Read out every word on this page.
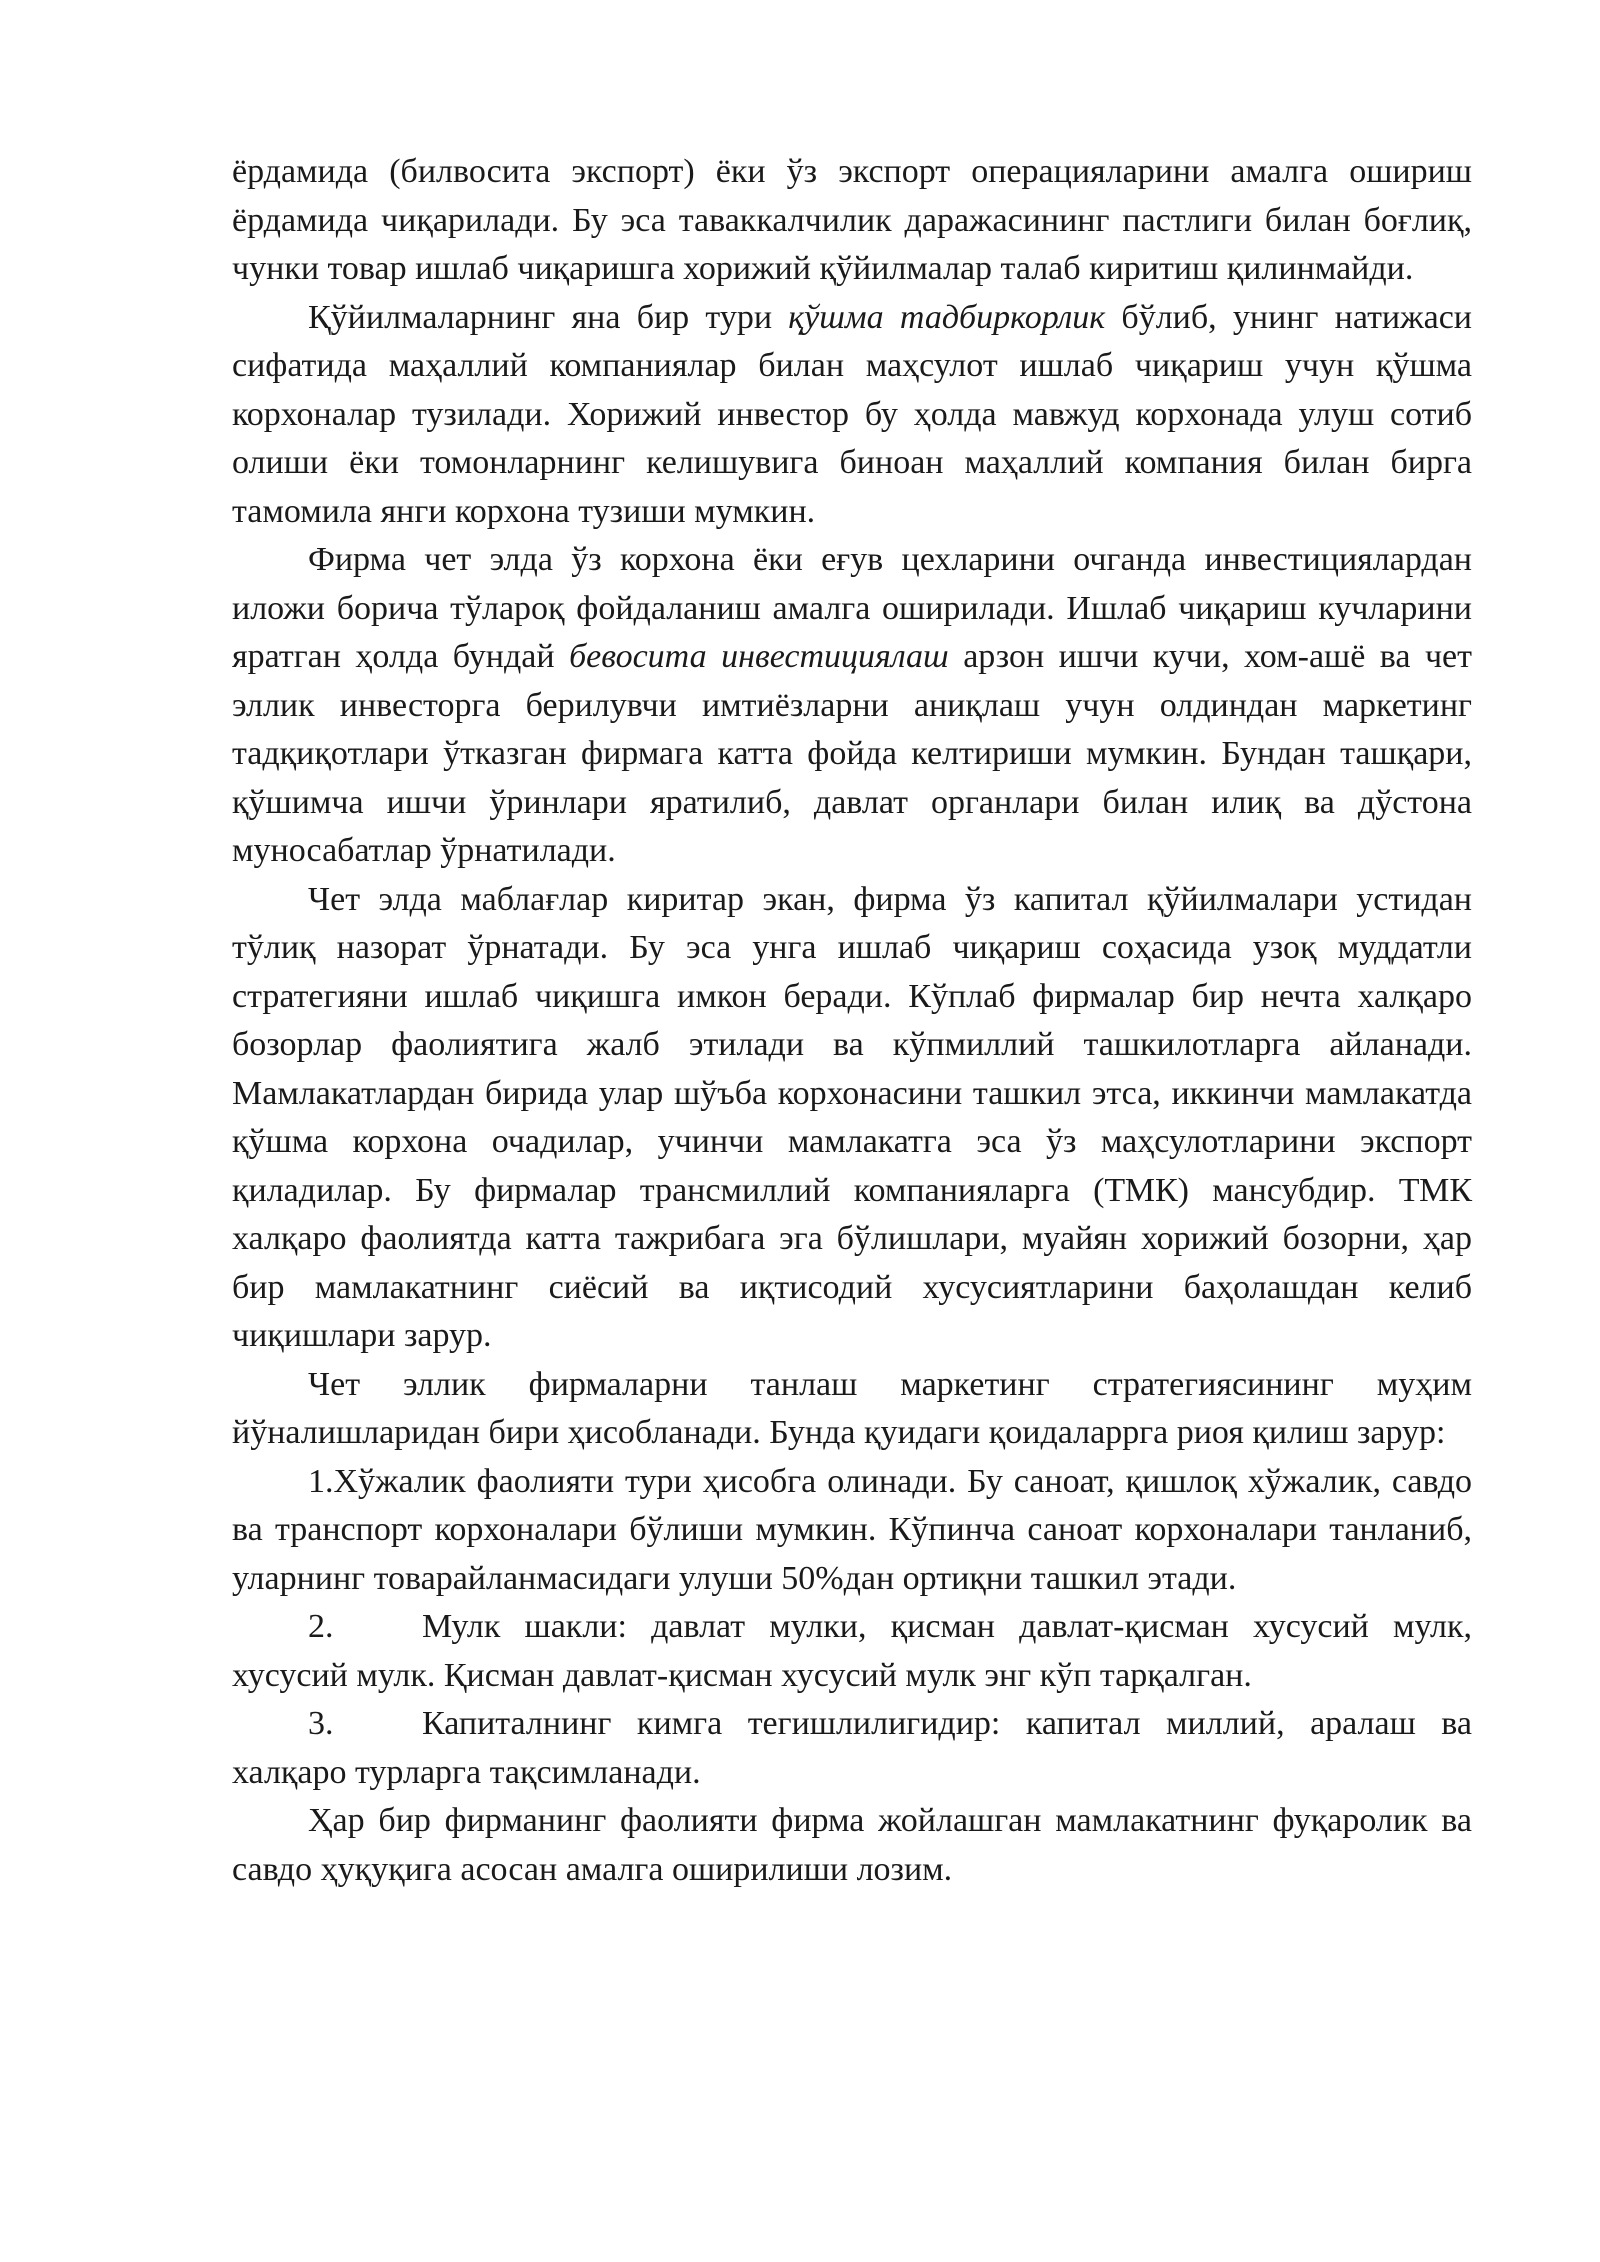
ёрдамида (билвосита экспорт) ёки ўз экспорт операцияларини амалга ошириш ёрдамида чиқарилади. Бу эса таваккалчилик даражасининг пастлиги билан боғлиқ, чунки товар ишлаб чиқаришга хорижий қўйилмалар талаб киритиш қилинмайди.

Қўйилмаларнинг яна бир тури қўшма тадбиркорлик бўлиб, унинг натижаси сифатида маҳаллий компаниялар билан маҳсулот ишлаб чиқариш учун қўшма корхоналар тузилади. Хорижий инвестор бу ҳолда мавжуд корхонада улуш сотиб олиши ёки томонларнинг келишувига биноан маҳаллий компания билан бирга тамомила янги корхона тузиши мумкин.

Фирма чет элда ўз корхона ёки еғув цехларини очганда инвестициялардан иложи борича тўлароқ фойдаланиш амалга оширилади. Ишлаб чиқариш кучларини яратган ҳолда бундай бевосита инвестициялаш арзон ишчи кучи, хом-ашё ва чет эллик инвесторга берилувчи имтиёзларни аниқлаш учун олдиндан маркетинг тадқиқотлари ўтказган фирмага катта фойда келтириши мумкин. Бундан ташқари, қўшимча ишчи ўринлари яратилиб, давлат органлари билан илиқ ва дўстона муносабатлар ўрнатилади.

Чет элда маблағлар киритар экан, фирма ўз капитал қўйилмалари устидан тўлиқ назорат ўрнатади. Бу эса унга ишлаб чиқариш соҳасида узоқ муддатли стратегияни ишлаб чиқишга имкон беради. Кўплаб фирмалар бир нечта халқаро бозорлар фаолиятига жалб этилади ва кўпмиллий ташкилотларга айланади. Мамлакатлардан бирида улар шўъба корхонасини ташкил этса, иккинчи мамлакатда қўшма корхона очадилар, учинчи мамлакатга эса ўз маҳсулотларини экспорт қиладилар. Бу фирмалар трансмиллий компанияларга (ТМК) мансубдир. ТМК халқаро фаолиятда катта тажрибага эга бўлишлари, муайян хорижий бозорни, ҳар бир мамлакатнинг сиёсий ва иқтисодий хусусиятларини баҳолашдан келиб чиқишлари зарур.

Чет эллик фирмаларни танлаш маркетинг стратегиясининг муҳим йўналишларидан бири ҳисобланади. Бунда қуидаги қоидаларрга риоя қилиш зарур:

1.Хўжалик фаолияти тури ҳисобга олинади. Бу саноат, қишлоқ хўжалик, савдо ва транспорт корхоналари бўлиши мумкин. Кўпинча саноат корхоналари танланиб, уларнинг товарайланмасидаги улуши 50%дан ортиқни ташкил этади.

2.	Мулк шакли: давлат мулки, қисман давлат-қисман хусусий мулк, хусусий мулк. Қисман давлат-қисман хусусий мулк энг кўп тарқалган.

3.	Капиталнинг кимга тегишлилигидир: капитал миллий, аралаш ва халқаро турларга тақсимланади.

Ҳар бир фирманинг фаолияти фирма жойлашган мамлакатнинг фуқаролик ва савдо ҳуқуқига асосан амалга оширилиши лозим.
